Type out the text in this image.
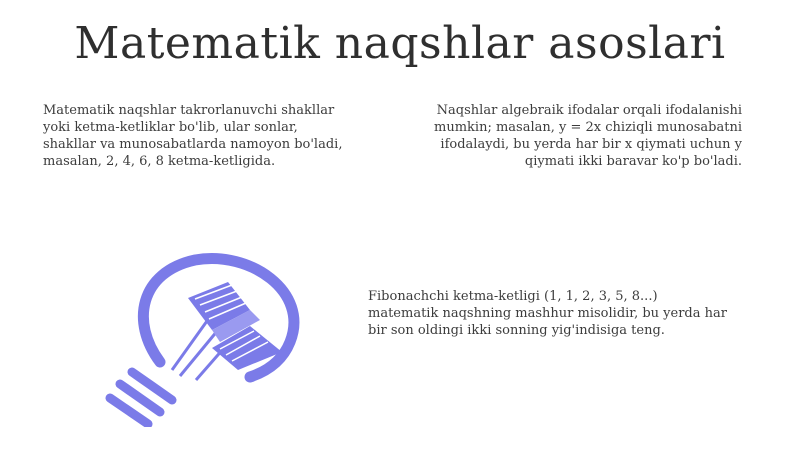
Matematik naqshlar asoslari
Matematik naqshlar takrorlanuvchi shakllar yoki ketma-ketliklar bo'lib, ular sonlar, shakllar va munosabatlarda namoyon bo'ladi, masalan, 2, 4, 6, 8 ketma-ketligida.
Naqshlar algebraik ifodalar orqali ifodalanishi mumkin; masalan, y = 2x chiziqli munosabatni ifodalaydi, bu yerda har bir x qiymati uchun y qiymati ikki baravar ko'p bo'ladi.
Fibonachchi ketma-ketligi (1, 1, 2, 3, 5, 8...) matematik naqshning mashhur misolidir, bu yerda har bir son oldingi ikki sonning yig'indisiga teng.
